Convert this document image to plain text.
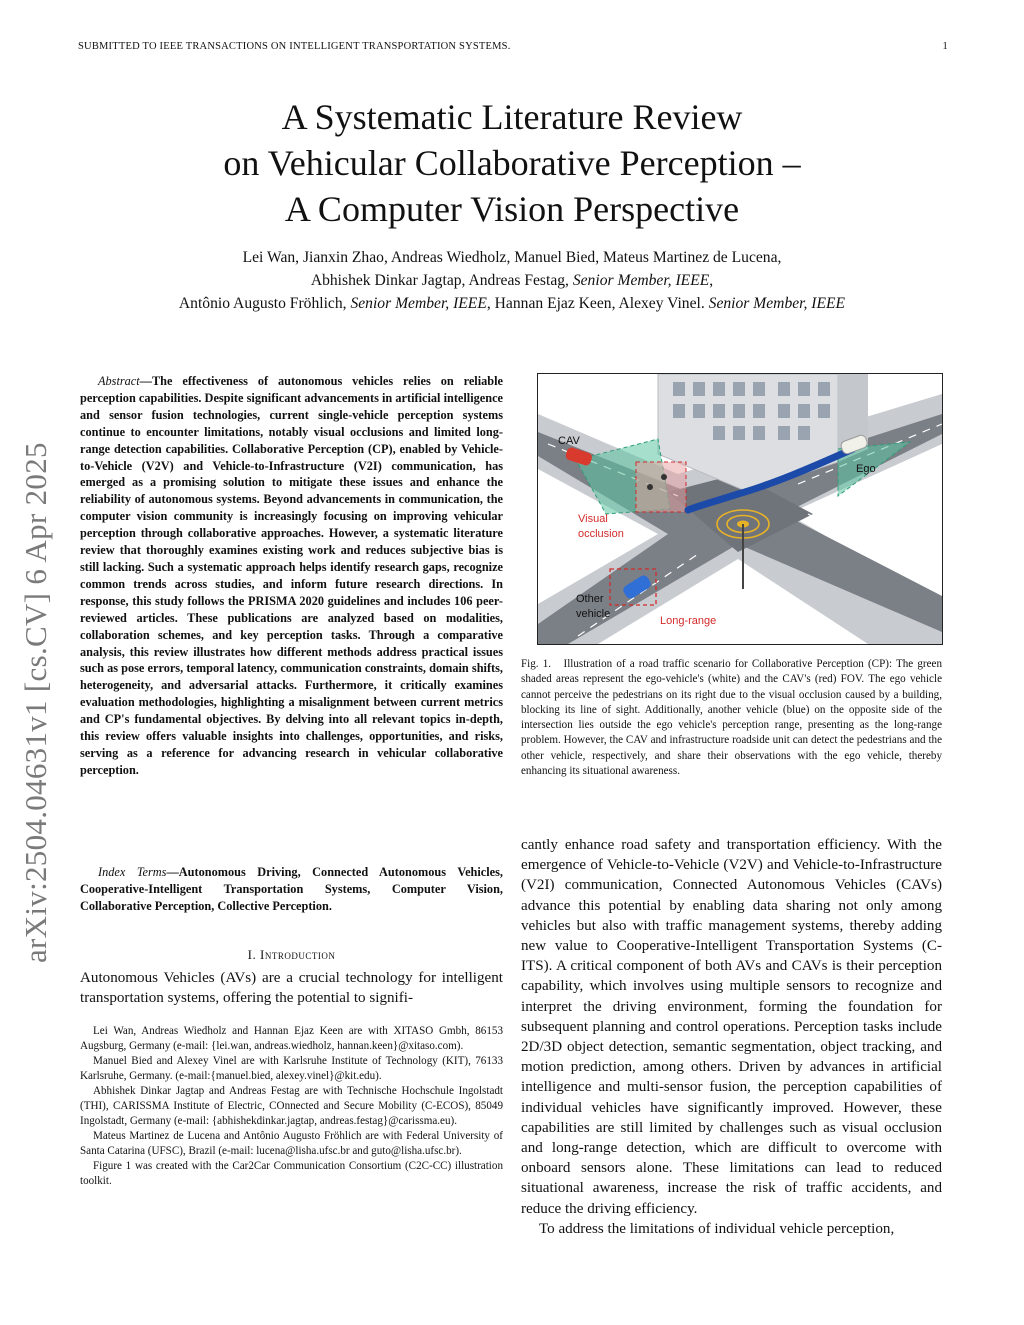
SUBMITTED TO IEEE TRANSACTIONS ON INTELLIGENT TRANSPORTATION SYSTEMS.	1
arXiv:2504.04631v1 [cs.CV] 6 Apr 2025
A Systematic Literature Review
on Vehicular Collaborative Perception –
A Computer Vision Perspective
Lei Wan, Jianxin Zhao, Andreas Wiedholz, Manuel Bied, Mateus Martinez de Lucena,
Abhishek Dinkar Jagtap, Andreas Festag, Senior Member, IEEE,
Antônio Augusto Fröhlich, Senior Member, IEEE, Hannan Ejaz Keen, Alexey Vinel. Senior Member, IEEE

Abstract—The effectiveness of autonomous vehicles relies on reliable perception capabilities. Despite significant advancements in artificial intelligence and sensor fusion technologies, current single-vehicle perception systems continue to encounter limitations, notably visual occlusions and limited long-range detection capabilities. Collaborative Perception (CP), enabled by Vehicle-to-Vehicle (V2V) and Vehicle-to-Infrastructure (V2I) communication, has emerged as a promising solution to mitigate these issues and enhance the reliability of autonomous systems. Beyond advancements in communication, the computer vision community is increasingly focusing on improving vehicular perception through collaborative approaches. However, a systematic literature review that thoroughly examines existing work and reduces subjective bias is still lacking. Such a systematic approach helps identify research gaps, recognize common trends across studies, and inform future research directions. In response, this study follows the PRISMA 2020 guidelines and includes 106 peer-reviewed articles. These publications are analyzed based on modalities, collaboration schemes, and key perception tasks. Through a comparative analysis, this review illustrates how different methods address practical issues such as pose errors, temporal latency, communication constraints, domain shifts, heterogeneity, and adversarial attacks. Furthermore, it critically examines evaluation methodologies, highlighting a misalignment between current metrics and CP's fundamental objectives. By delving into all relevant topics in-depth, this review offers valuable insights into challenges, opportunities, and risks, serving as a reference for advancing research in vehicular collaborative perception.

Index Terms—Autonomous Driving, Connected Autonomous Vehicles, Cooperative-Intelligent Transportation Systems, Computer Vision, Collaborative Perception, Collective Perception.

I. Introduction

Autonomous Vehicles (AVs) are a crucial technology for intelligent transportation systems, offering the potential to signifi-

Lei Wan, Andreas Wiedholz and Hannan Ejaz Keen are with XITASO Gmbh, 86153 Augsburg, Germany (e-mail: {lei.wan, andreas.wiedholz, hannan.keen}@xitaso.com).

Manuel Bied and Alexey Vinel are with Karlsruhe Institute of Technology (KIT), 76133 Karlsruhe, Germany. (e-mail:{manuel.bied, alexey.vinel}@kit.edu).

Abhishek Dinkar Jagtap and Andreas Festag are with Technische Hochschule Ingolstadt (THI), CARISSMA Institute of Electric, COnnected and Secure Mobility (C-ECOS), 85049 Ingolstadt, Germany (e-mail: {abhishekdinkar.jagtap, andreas.festag}@carissma.eu).

Mateus Martinez de Lucena and Antônio Augusto Fröhlich are with Federal University of Santa Catarina (UFSC), Brazil (e-mail: lucena@lisha.ufsc.br and guto@lisha.ufsc.br).

Figure 1 was created with the Car2Car Communication Consortium (C2C-CC) illustration toolkit.

CAV
Ego
Visual
occlusion
Other
vehicle
Long-range

Fig. 1. Illustration of a road traffic scenario for Collaborative Perception (CP): The green shaded areas represent the ego-vehicle's (white) and the CAV's (red) FOV. The ego vehicle cannot perceive the pedestrians on its right due to the visual occlusion caused by a building, blocking its line of sight. Additionally, another vehicle (blue) on the opposite side of the intersection lies outside the ego vehicle's perception range, presenting as the long-range problem. However, the CAV and infrastructure roadside unit can detect the pedestrians and the other vehicle, respectively, and share their observations with the ego vehicle, thereby enhancing its situational awareness.

cantly enhance road safety and transportation efficiency. With the emergence of Vehicle-to-Vehicle (V2V) and Vehicle-to-Infrastructure (V2I) communication, Connected Autonomous Vehicles (CAVs) advance this potential by enabling data sharing not only among vehicles but also with traffic management systems, thereby adding new value to Cooperative-Intelligent Transportation Systems (C-ITS). A critical component of both AVs and CAVs is their perception capability, which involves using multiple sensors to recognize and interpret the driving environment, forming the foundation for subsequent planning and control operations. Perception tasks include 2D/3D object detection, semantic segmentation, object tracking, and motion prediction, among others. Driven by advances in artificial intelligence and multi-sensor fusion, the perception capabilities of individual vehicles have significantly improved. However, these capabilities are still limited by challenges such as visual occlusion and long-range detection, which are difficult to overcome with onboard sensors alone. These limitations can lead to reduced situational awareness, increase the risk of traffic accidents, and reduce the driving efficiency.
To address the limitations of individual vehicle perception,
